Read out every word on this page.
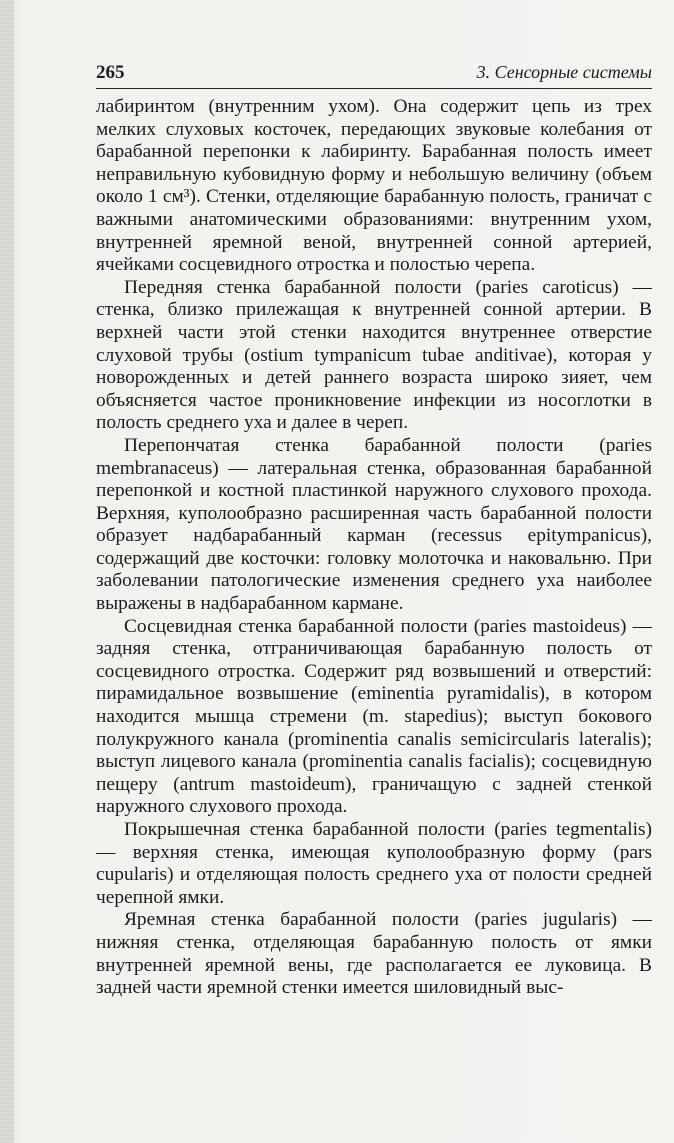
265	3. Сенсорные системы

лабиринтом (внутренним ухом). Она содержит цепь из трех мелких слуховых косточек, передающих звуковые колебания от барабанной перепонки к лабиринту. Барабанная полость имеет неправильную кубовидную форму и небольшую величину (объем около 1 см³). Стенки, отделяющие барабанную полость, граничат с важными анатомическими образованиями: внутренним ухом, внутренней яремной веной, внутренней сонной артерией, ячейками сосцевидного отростка и полостью черепа.

Передняя стенка барабанной полости (paries caroticus) — стенка, близко прилежащая к внутренней сонной артерии. В верхней части этой стенки находится внутреннее отверстие слуховой трубы (ostium tympanicum tubae anditivae), которая у новорожденных и детей раннего возраста широко зияет, чем объясняется частое проникновение инфекции из носоглотки в полость среднего уха и далее в череп.

Перепончатая стенка барабанной полости (paries membranaceus) — латеральная стенка, образованная барабанной перепонкой и костной пластинкой наружного слухового прохода. Верхняя, куполообразно расширенная часть барабанной полости образует надбарабанный карман (recessus epitympanicus), содержащий две косточки: головку молоточка и наковальню. При заболевании патологические изменения среднего уха наиболее выражены в надбарабанном кармане.

Сосцевидная стенка барабанной полости (paries mastoideus) — задняя стенка, отграничивающая барабанную полость от сосцевидного отростка. Содержит ряд возвышений и отверстий: пирамидальное возвышение (eminentia pyramidalis), в котором находится мышца стремени (m. stapedius); выступ бокового полукружного канала (prominentia canalis semicircularis lateralis); выступ лицевого канала (prominentia canalis facialis); сосцевидную пещеру (antrum mastoideum), граничащую с задней стенкой наружного слухового прохода.

Покрышечная стенка барабанной полости (paries tegmentalis) — верхняя стенка, имеющая куполообразную форму (pars cupularis) и отделяющая полость среднего уха от полости средней черепной ямки.

Яремная стенка барабанной полости (paries jugularis) — нижняя стенка, отделяющая барабанную полость от ямки внутренней яремной вены, где располагается ее луковица. В задней части яремной стенки имеется шиловидный выс-
